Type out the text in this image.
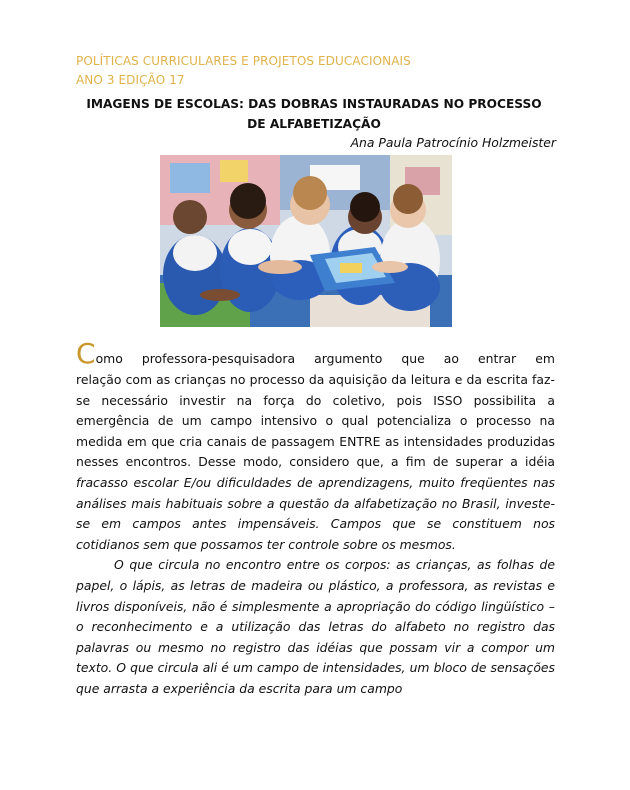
POLÍTICAS CURRICULARES E PROJETOS EDUCACIONAIS
ANO 3 EDIÇÃO 17
IMAGENS DE ESCOLAS: DAS DOBRAS INSTAURADAS NO PROCESSO
DE ALFABETIZAÇÃO
Ana Paula Patrocínio Holzmeister
Como professora-pesquisadora argumento que ao entrar em
relação com as crianças no processo da aquisição da leitura e da escrita faz-se necessário investir na força do coletivo, pois ISSO possibilita a emergência de um campo intensivo o qual potencializa o processo na medida em que cria canais de passagem ENTRE as intensidades produzidas nesses encontros. Desse modo, considero que, a fim de superar a idéia fracasso escolar E/ou dificuldades de aprendizagens, muito freqüentes nas análises mais habituais sobre a questão da alfabetização no Brasil, investe-se em campos antes impensáveis. Campos que se constituem nos cotidianos sem que possamos ter controle sobre os mesmos.

O que circula no encontro entre os corpos: as crianças, as folhas de papel, o lápis, as letras de madeira ou plástico, a professora, as revistas e livros disponíveis, não é simplesmente a apropriação do código lingüístico – o reconhecimento e a utilização das letras do alfabeto no registro das palavras ou mesmo no registro das idéias que possam vir a compor um texto. O que circula ali é um campo de intensidades, um bloco de sensações que arrasta a experiência da escrita para um campo
